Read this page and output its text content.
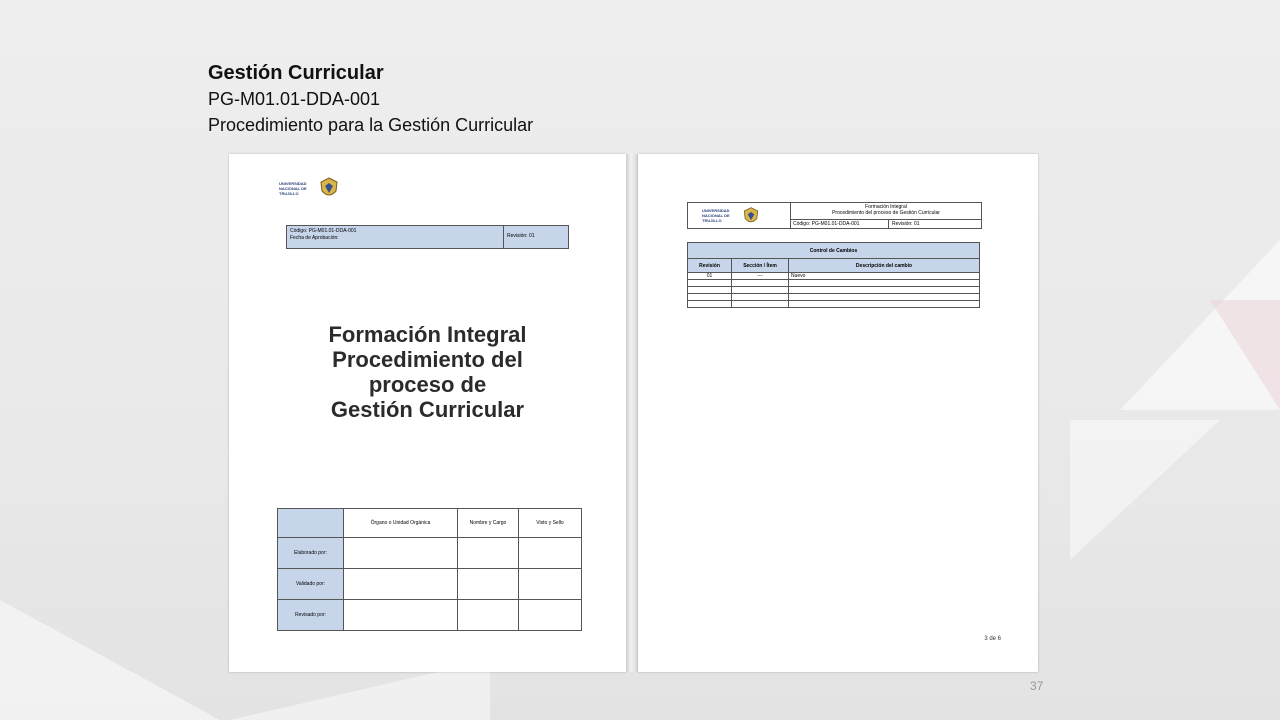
Gestión Curricular
PG-M01.01-DDA-001
Procedimiento para la Gestión Curricular
UNIVERSIDAD NACIONAL DE TRUJILLO
Código: PG-M01.01-DDA-001
Fecha de Aprobación:	Revisión: 01
Formación Integral
Procedimiento del
proceso de
Gestión Curricular
	Órgano o Unidad Orgánica	Nombre y Cargo	Visto y Sello
Elaborado por:			
Validado por:			
Revisado por:			
UNIVERSIDAD NACIONAL DE TRUJILLO
Formación Integral
Procedimiento del proceso de Gestión Curricular
Código: PG-M01.01-DDA-001	Revisión: 01
Control de Cambios		
Revisión	Sección / Ítem	Descripción del cambio
01	---	Nuevo

3 de 6
37
